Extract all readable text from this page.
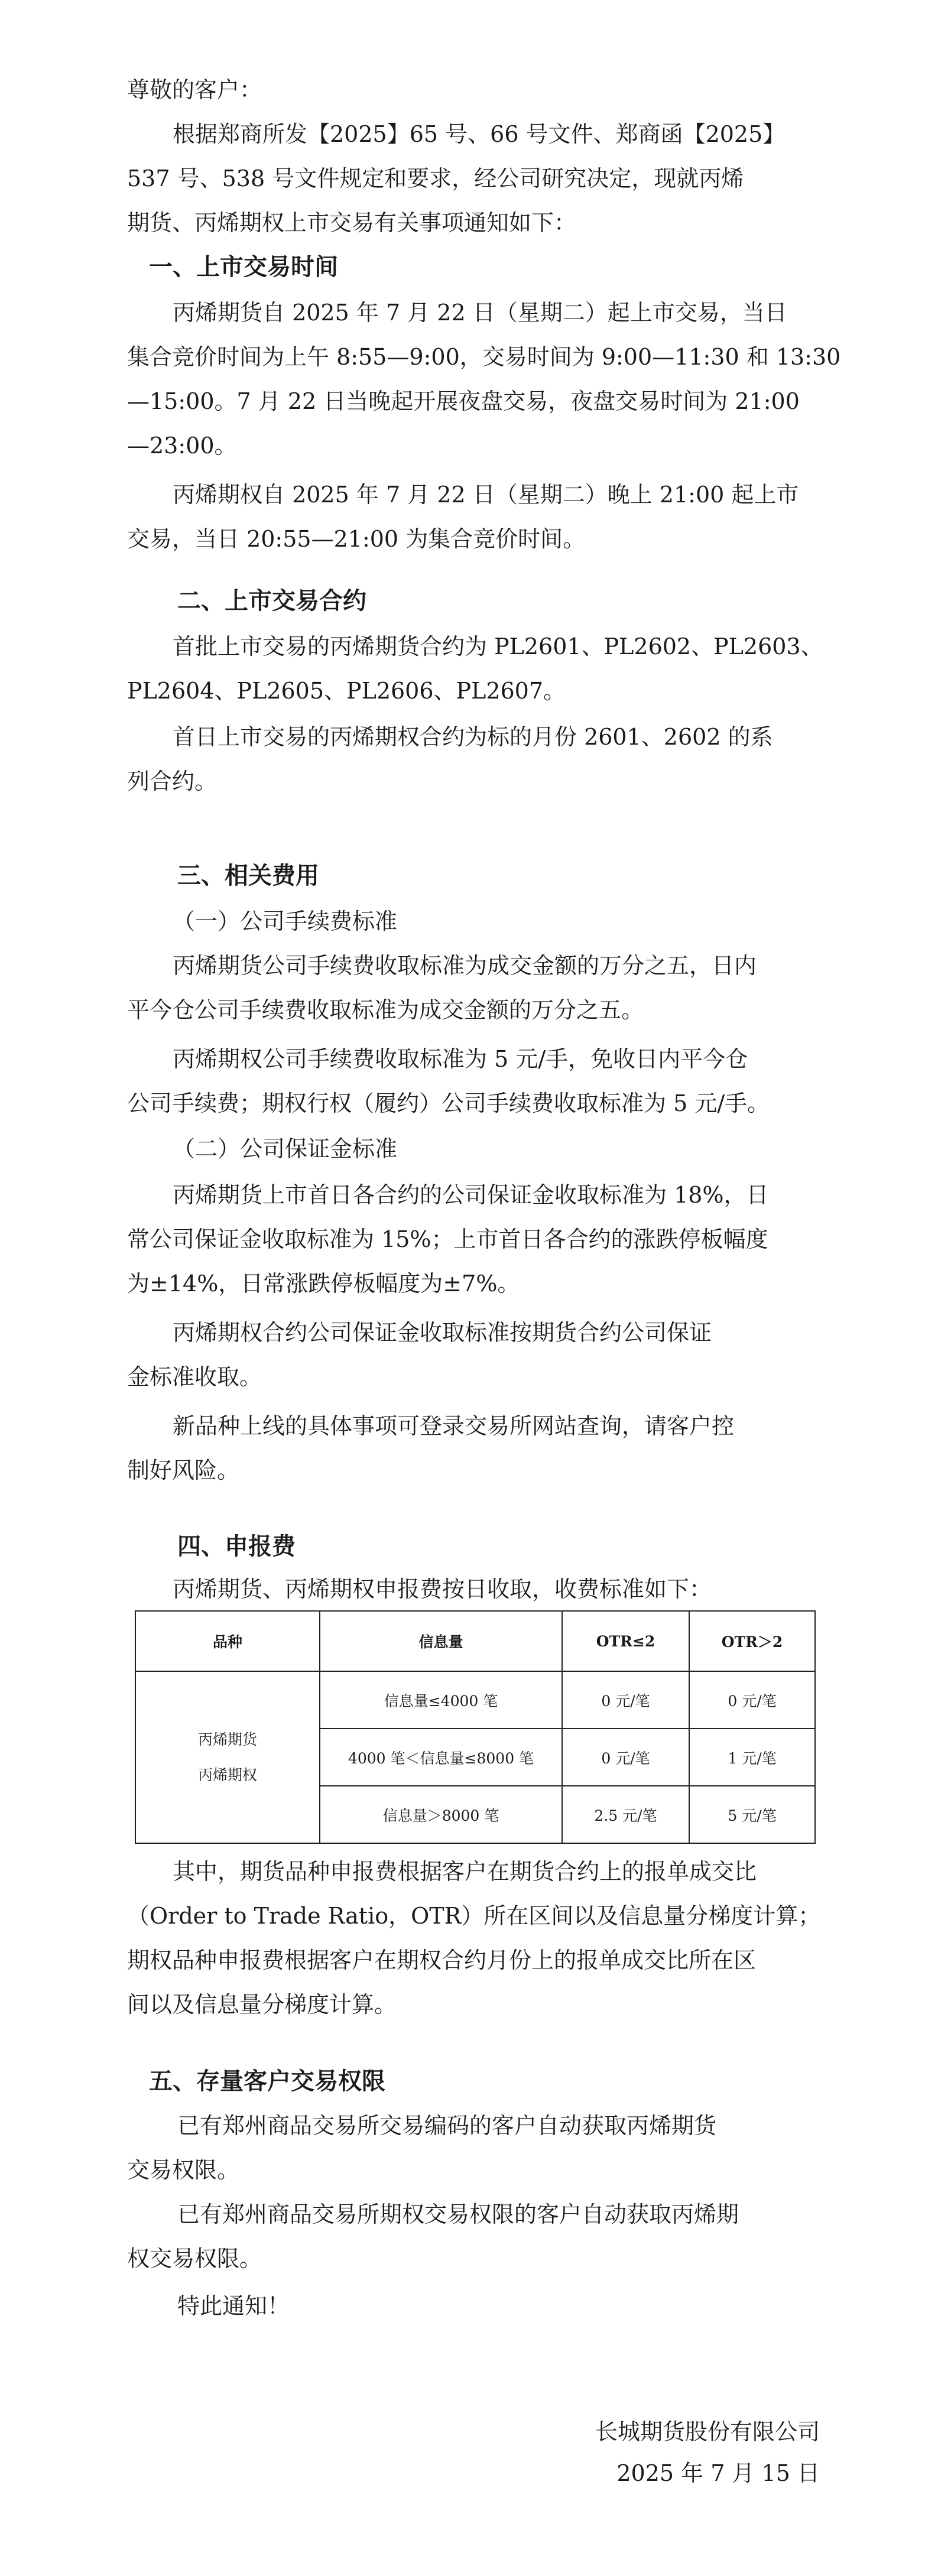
尊敬的客户：

根据郑商所发【2025】65 号、66 号文件、郑商函【2025】

537 号、538 号文件规定和要求，经公司研究决定，现就丙烯

期货、丙烯期权上市交易有关事项通知如下：

一、上市交易时间

丙烯期货自 2025 年 7 月 22 日（星期二）起上市交易，当日

集合竞价时间为上午 8:55—9:00，交易时间为 9:00—11:30 和 13:30

—15:00。7 月 22 日当晚起开展夜盘交易，夜盘交易时间为 21:00

—23:00。

丙烯期权自 2025 年 7 月 22 日（星期二）晚上 21:00 起上市

交易，当日 20:55—21:00 为集合竞价时间。

二、上市交易合约

首批上市交易的丙烯期货合约为 PL2601、PL2602、PL2603、

PL2604、PL2605、PL2606、PL2607。

首日上市交易的丙烯期权合约为标的月份 2601、2602 的系

列合约。

三、相关费用

（一）公司手续费标准

丙烯期货公司手续费收取标准为成交金额的万分之五，日内

平今仓公司手续费收取标准为成交金额的万分之五。

丙烯期权公司手续费收取标准为 5 元/手，免收日内平今仓

公司手续费；期权行权（履约）公司手续费收取标准为 5 元/手。

（二）公司保证金标准

丙烯期货上市首日各合约的公司保证金收取标准为 18%，日

常公司保证金收取标准为 15%；上市首日各合约的涨跌停板幅度

为±14%，日常涨跌停板幅度为±7%。

丙烯期权合约公司保证金收取标准按期货合约公司保证

金标准收取。

新品种上线的具体事项可登录交易所网站查询，请客户控

制好风险。

四、申报费

丙烯期货、丙烯期权申报费按日收取，收费标准如下：

品种	信息量	OTR≤2	OTR＞2

丙烯期货
丙烯期权	信息量≤4000 笔	0 元/笔	0 元/笔
	4000 笔＜信息量≤8000 笔	0 元/笔	1 元/笔
	信息量＞8000 笔	2.5 元/笔	5 元/笔

其中，期货品种申报费根据客户在期货合约上的报单成交比

（Order to Trade Ratio，OTR）所在区间以及信息量分梯度计算；

期权品种申报费根据客户在期权合约月份上的报单成交比所在区

间以及信息量分梯度计算。

五、存量客户交易权限

已有郑州商品交易所交易编码的客户自动获取丙烯期货

交易权限。

已有郑州商品交易所期权交易权限的客户自动获取丙烯期

权交易权限。

特此通知！

长城期货股份有限公司
2025 年 7 月 15 日
